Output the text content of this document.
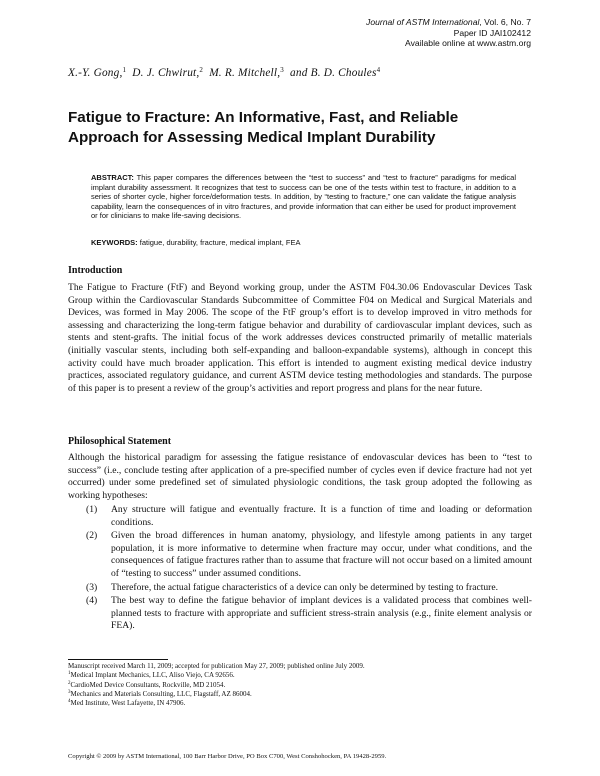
Journal of ASTM International, Vol. 6, No. 7
Paper ID JAI102412
Available online at www.astm.org
X.-Y. Gong,$^1$ D. J. Chwirut,$^2$ M. R. Mitchell,$^3$ and B. D. Choules$^4$
Fatigue to Fracture: An Informative, Fast, and Reliable
Approach for Assessing Medical Implant Durability
ABSTRACT: This paper compares the differences between the “test to success” and “test to fracture” paradigms for medical implant durability assessment. It recognizes that test to success can be one of the tests within test to fracture, in addition to a series of shorter cycle, higher force/deformation tests. In addition, by “testing to fracture,” one can validate the fatigue analysis capability, learn the consequences of in vitro fractures, and provide information that can either be used for product improvement or for clinicians to make life-saving decisions.
KEYWORDS: fatigue, durability, fracture, medical implant, FEA
Introduction
The Fatigue to Fracture (FtF) and Beyond working group, under the ASTM F04.30.06 Endovascular Devices Task Group within the Cardiovascular Standards Subcommittee of Committee F04 on Medical and Surgical Materials and Devices, was formed in May 2006. The scope of the FtF group’s effort is to develop improved in vitro methods for assessing and characterizing the long-term fatigue behavior and durability of cardiovascular implant devices, such as stents and stent-grafts. The initial focus of the work addresses devices constructed primarily of metallic materials (initially vascular stents, including both self-expanding and balloon-expandable systems), although in concept this activity could have much broader application. This effort is intended to augment existing medical device industry practices, associated regulatory guidance, and current ASTM device testing methodologies and standards. The purpose of this paper is to present a review of the group’s activities and report progress and plans for the near future.
Philosophical Statement
Although the historical paradigm for assessing the fatigue resistance of endovascular devices has been to “test to success” (i.e., conclude testing after application of a pre-specified number of cycles even if device fracture had not yet occurred) under some predefined set of simulated physiologic conditions, the task group adopted the following as working hypotheses:
(1) Any structure will fatigue and eventually fracture. It is a function of time and loading or deformation conditions.
(2) Given the broad differences in human anatomy, physiology, and lifestyle among patients in any target population, it is more informative to determine when fracture may occur, under what conditions, and the consequences of fatigue fractures rather than to assume that fracture will not occur based on a limited amount of “testing to success” under assumed conditions.
(3) Therefore, the actual fatigue characteristics of a device can only be determined by testing to fracture.
(4) The best way to define the fatigue behavior of implant devices is a validated process that combines well-planned tests to fracture with appropriate and sufficient stress-strain analysis (e.g., finite element analysis or FEA).
Manuscript received March 11, 2009; accepted for publication May 27, 2009; published online July 2009.
$^1$Medical Implant Mechanics, LLC, Aliso Viejo, CA 92656.
$^2$CardioMed Device Consultants, Rockville, MD 21054.
$^3$Mechanics and Materials Consulting, LLC, Flagstaff, AZ 86004.
$^4$Med Institute, West Lafayette, IN 47906.
Copyright © 2009 by ASTM International, 100 Barr Harbor Drive, PO Box C700, West Conshohocken, PA 19428-2959.
